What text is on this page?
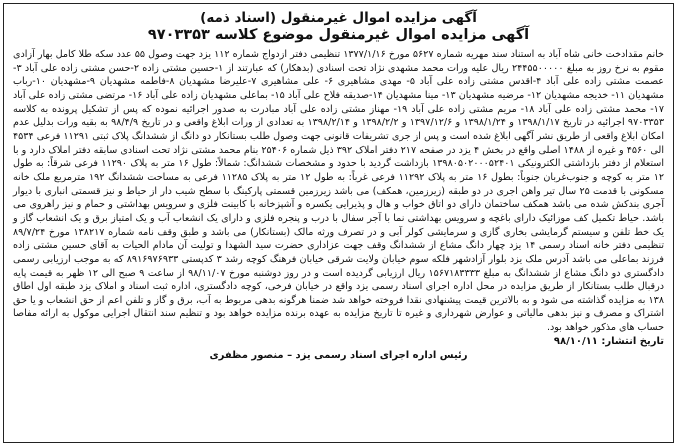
آگهی مزایده اموال غیرمنقول (اسناد ذمه)

آگهی مزایده اموال غیرمنقول موضوع کلاسه ۹۷۰۳۳۵۳

خانم مقدادخت خانی شاه آباد به استناد سند مهریه شماره ۵۶۲۷ مورخ ۱۳۷۷/۱/۱۶ تنظیمی دفتر ازدواج شماره ۱۱۲ یزد جهت وصول ۵۵ عدد سکه طلا کامل بهار آزادی مقوم به نرخ روز به مبلغ ۲۴۴۵۵۰۰۰۰۰ ریال علیه ورات محمد مشهدی نژاد تحت اسنادی (بدهکار) که عبارتند از ۱-حسین مشتی زاده ۲-حسن مشتی زاده علی آباد ۳-عصمت مشتی زاده علی آباد ۴-اقدس مشتی زاده علی آباد ۵- مهدی مشاهیری ۶- علی مشاهیری ۷-علیرضا مشهدیان ۸-فاطمه مشهدیان ۹-مشهدیان ۱۰-رباب مشهدیان ۱۱- خدیجه مشهدیان ۱۲- مرضیه مشهدیان ۱۳- مینا مشهدیان ۱۴-صدیقه فلاح علی آباد ۱۵- بماعلی مشهدیان زاده علی آباد ۱۶- مرتضی مشتی زاده علی آباد ۱۷- محمد مشتی زاده علی آباد ۱۸- مریم مشتی زاده علی آباد ۱۹- مهناز مشتی زاده علی آباد مبادرت به صدور اجرائیه نموده که پس از تشکیل پرونده به کلاسه ۹۷۰۳۳۵۳ اجرائیه در تاریخ ۱۳۹۸/۱/۱۷ و ۱۳۹۸/۱/۲۴ و ۱۳۹۷/۱۲/۶ و ۱۳۹۸/۲/۲ و ۱۳۹۸/۲/۱۴ به تعدادی از ورات ابلاغ واقعی و در تاریخ ۹۸/۴/۹ به بقیه ورات بدلیل عدم امکان ابلاغ واقعی از طریق نشر آگهی ابلاغ شده است و پس از جری تشریفات قانونی جهت وصول طلب بستانکار دو دانگ از ششدانگ پلاک ثبتی ۱۱۲۹۱ فرعی ۴۵۳۴ الی ۴۵۶۰ و غیره از ۱۴۸۸ اصلی واقع در بخش ۴ یزد در صفحه ۲۱۷ دفتر املاک ۳۹۲ ذیل شماره ۲۵۴۰۶ بنام محمد مشتی نژاد تحت اسنادی سابقه دفتر املاک دارد و با استعلام از دفتر بازداشتی الکترونیکی ۱۳۹۸۰۵۰۲۰۰۰۵۲۴۰۱ بازداشت گردید با حدود و مشخصات ششدانگ: شمالاً: طول ۱۶ متر به پلاک ۱۱۲۹۰ فرعی شرقاً: به طول ۱۲ متر به کوچه و جنوب‌غربان جنوباً: بطول ۱۶ متر به پلاک ۱۱۲۹۲ فرعی غرباً: به طول ۱۲ متر به پلاک ۱۱۲۸۵ فرعی به مساحت ششدانگ ۱۹۲ مترمربع ملک خانه مسکونی با قدمت ۲۵ سال تیر واهن اجری در دو طبقه (زیرزمین، همکف) می باشد زیرزمین قسمتی پارکینگ با سطح شیب دار از حیاط و نیز قسمتی انباری با دیوار آجری بندکش شده می باشد همکف ساختمان دارای دو اتاق خواب و هال و پذیرایی یکسره و آشپزخانه با کابینت فلزی و سرویس بهداشتی و حمام و نیز راهروی می باشد. حیاط تکمیل کف موزائیک دارای باغچه و سرویس بهداشتی نما با آجر سفال با درب و پنجره فلزی و دارای یک انشعاب آب و یک امتیاز برق و یک انشعاب گاز و یک خط تلفن و سیستم گرمایشی بخاری گازی و سرمایشی کولر آبی و در تصرف ورثه مالک (بستانکار) می باشد و طبق وقف نامه شماره ۱۳۸۲۱۷ مورخ ۸۹/۷/۲۴ تنظیمی دفتر خانه اسناد رسمی ۱۴ یزد چهار دانگ مشاع از ششدانگ وقف جهت عزاداری حضرت سید الشهدا و تولیت آن مادام الحیات به آقای حسین مشتی زاده فرزند بماعلی می باشد آدرس ملک یزد بلوار آزادشهر فلکه سوم خیابان ولایت شرقی خیابان فرهنگ کوچه رشد ۳ کدپستی ۸۹۱۶۹۷۶۹۳۳ که به موجب ارزیابی رسمی دادگستری دو دانگ مشاع از ششدانگ به مبلغ ۱۵۶۷۱۸۳۳۳۳ ریال ارزیابی گردیده است و در روز دوشنبه مورخ ۹۸/۱۱/۰۷ از ساعت ۹ صبح الی ۱۲ ظهر به قیمت پایه درقبال طلب بستانکار از طریق مزایده در محل اداره اجرای اسناد رسمی یزد واقع در خیابان فرخی، کوچه دادگستری، اداره ثبت اسناد و املاک یزد طبقه اول اطاق ۱۳۸ به مزایده گذاشته می شود و به بالاترین قیمت پیشنهادی نقدا فروخته خواهد شد ضمنا هرگونه بدهی مربوط به آب، برق و گاز و تلفن اعم از حق انشعاب و یا حق اشتراک و مصرف و نیز بدهی مالیاتی و عوارض شهرداری و غیره تا تاریخ مزایده به عهده برنده مزایده خواهد بود و تنظیم سند انتقال اجرایی موکول به ارائه مفاصا حساب های مذکور خواهد بود.

تاریخ انتشار: ۹۸/۱۰/۱۱

رئیس اداره اجرای اسناد رسمی یزد – منصور مظفری
